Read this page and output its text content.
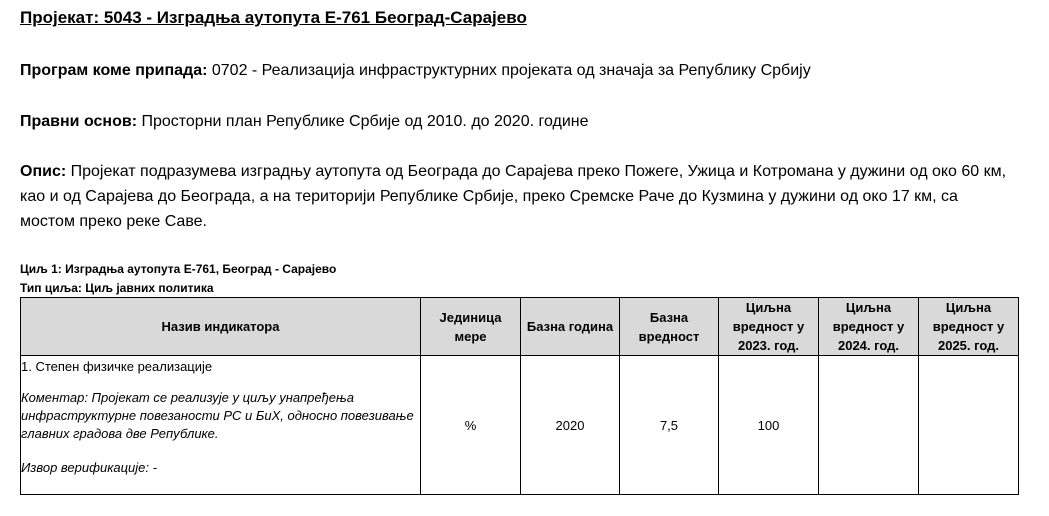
Пројекат: 5043 - Изградња аутопута Е-761 Београд-Сарајево
Програм коме припада: 0702 - Реализација инфраструктурних пројеката од значаја за Републику Србију
Правни основ: Просторни план Републике Србије од 2010. до 2020. године
Опис: Пројекат подразумева изградњу аутопута од Београда до Сарајева преко Пожеге, Ужица и Котромана у дужини од око 60 км, као и од Сарајева до Београда, а на територији Републике Србије, преко Сремске Раче до Кузмина у дужини од око 17 км, са мостом преко реке Саве.
Циљ 1: Изградња аутопута Е-761, Београд - Сарајево
Тип циља: Циљ јавних политика
Назив индикатора	Јединица мере	Базна година	Базна вредност	Циљна вредност у 2023. год.	Циљна вредност у 2024. год.	Циљна вредност у 2025. год.

1. Степен физичке реализације
Коментар: Пројекат се реализује у циљу унапређења инфраструктурне повезаности РС и БиХ, односно повезивање главних градова две Републике.
Извор верификације: -	%	2020	7,5	100		
